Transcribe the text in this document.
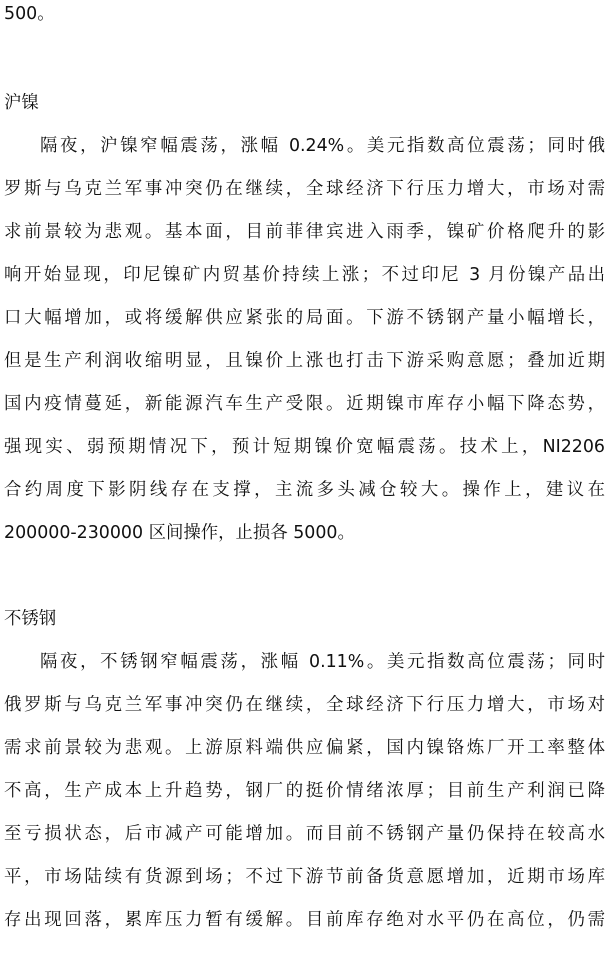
500。
沪镍
隔夜，沪镍窄幅震荡，涨幅 0.24%。美元指数高位震荡；同时俄
罗斯与乌克兰军事冲突仍在继续，全球经济下行压力增大，市场对需
求前景较为悲观。基本面，目前菲律宾进入雨季，镍矿价格爬升的影
响开始显现，印尼镍矿内贸基价持续上涨；不过印尼 3 月份镍产品出
口大幅增加，或将缓解供应紧张的局面。下游不锈钢产量小幅增长，
但是生产利润收缩明显，且镍价上涨也打击下游采购意愿；叠加近期
国内疫情蔓延，新能源汽车生产受限。近期镍市库存小幅下降态势，
强现实、弱预期情况下，预计短期镍价宽幅震荡。技术上，NI2206
合约周度下影阴线存在支撑，主流多头减仓较大。操作上，建议在
200000-230000 区间操作，止损各 5000。
不锈钢
隔夜，不锈钢窄幅震荡，涨幅 0.11%。美元指数高位震荡；同时
俄罗斯与乌克兰军事冲突仍在继续，全球经济下行压力增大，市场对
需求前景较为悲观。上游原料端供应偏紧，国内镍铬炼厂开工率整体
不高，生产成本上升趋势，钢厂的挺价情绪浓厚；目前生产利润已降
至亏损状态，后市减产可能增加。而目前不锈钢产量仍保持在较高水
平，市场陆续有货源到场；不过下游节前备货意愿增加，近期市场库
存出现回落，累库压力暂有缓解。目前库存绝对水平仍在高位，仍需
